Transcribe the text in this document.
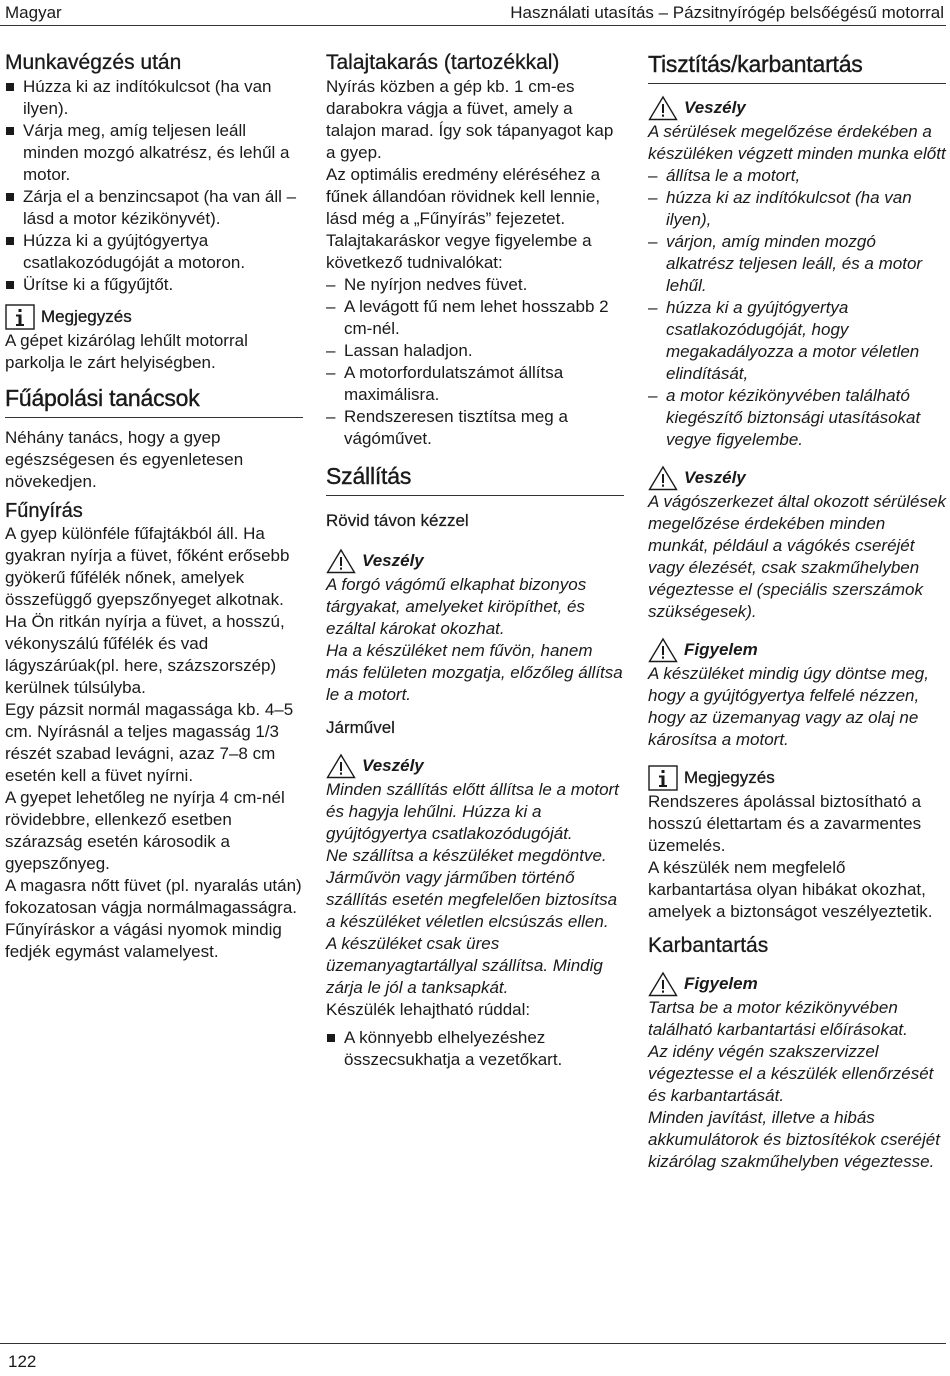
Magyar	Használati utasítás – Pázsitnyírógép belsőégésű motorral
Munkavégzés után
Húzza ki az indítókulcsot (ha van ilyen).
Várja meg, amíg teljesen leáll minden mozgó alkatrész, és lehűl a motor.
Zárja el a benzincsapot (ha van áll – lásd a motor kézikönyvét).
Húzza ki a gyújtógyertya csatlakozódugóját a motoron.
Ürítse ki a fűgyűjtőt.
Megjegyzés

A gépet kizárólag lehűlt motorral parkolja le zárt helyiségben.

Fűápolási tanácsok

Néhány tanács, hogy a gyep egészségesen és egyenletesen növekedjen.

Fűnyírás

A gyep különféle fűfajtákból áll. Ha gyakran nyírja a füvet, főként erősebb gyökerű fűfélék nőnek, amelyek összefüggő gyepszőnyeget alkotnak. Ha Ön ritkán nyírja a füvet, a hosszú, vékonyszálú fűfélék és vad lágyszárúak(pl. here, százszorszép) kerülnek túlsúlyba.

Egy pázsit normál magassága kb. 4–5 cm. Nyírásnál a teljes magasság 1/3 részét szabad levágni, azaz 7–8 cm esetén kell a füvet nyírni.

A gyepet lehetőleg ne nyírja 4 cm-nél rövidebbre, ellenkező esetben szárazság esetén károsodik a gyepszőnyeg.

A magasra nőtt füvet (pl. nyaralás után) fokozatosan vágja normálmagasságra.

Fűnyíráskor a vágási nyomok mindig fedjék egymást valamelyest.

Talajtakarás (tartozékkal)

Nyírás közben a gép kb. 1 cm-es darabokra vágja a füvet, amely a talajon marad. Így sok tápanyagot kap a gyep.

Az optimális eredmény eléréséhez a fűnek állandóan rövidnek kell lennie, lásd még a „Fűnyírás” fejezetet. Talajtakaráskor vegye figyelembe a következő tudnivalókat:

– Ne nyírjon nedves füvet.
– A levágott fű nem lehet hosszabb 2 cm-nél.
– Lassan haladjon.
– A motorfordulatszámot állítsa maximálisra.
– Rendszeresen tisztítsa meg a vágóművet.
Szállítás
Rövid távon kézzel
Veszély

A forgó vágómű elkaphat bizonyos tárgyakat, amelyeket kiröpíthet, és ezáltal károkat okozhat.

Ha a készüléket nem fűvön, hanem más felületen mozgatja, előzőleg állítsa le a motort.

Járművel
Veszély

Minden szállítás előtt állítsa le a motort és hagyja lehűlni. Húzza ki a gyújtógyertya csatlakozódugóját.

Ne szállítsa a készüléket megdöntve.

Járművön vagy járműben történő szállítás esetén megfelelően biztosítsa a készüléket véletlen elcsúszás ellen.

A készüléket csak üres üzemanyagtartállyal szállítsa. Mindig zárja le jól a tanksapkát.

Készülék lehajtható rúddal:

A könnyebb elhelyezéshez összecsukhatja a vezetőkart.
Tisztítás/karbantartás
Veszély

A sérülések megelőzése érdekében a készüléken végzett minden munka előtt

– állítsa le a motort,
– húzza ki az indítókulcsot (ha van ilyen),
– várjon, amíg minden mozgó alkatrész teljesen leáll, és a motor lehűl.
– húzza ki a gyújtógyertya csatlakozódugóját, hogy megakadályozza a motor véletlen elindítását,
– a motor kézikönyvében található kiegészítő biztonsági utasításokat vegye figyelembe.
Veszély

A vágószerkezet által okozott sérülések megelőzése érdekében minden munkát, például a vágókés cseréjét vagy élezését, csak szakműhelyben végeztesse el (speciális szerszámok szükségesek).

Figyelem

A készüléket mindig úgy döntse meg, hogy a gyújtógyertya felfelé nézzen, hogy az üzemanyag vagy az olaj ne károsítsa a motort.

Megjegyzés

Rendszeres ápolással biztosítható a hosszú élettartam és a zavarmentes üzemelés.

A készülék nem megfelelő karbantartása olyan hibákat okozhat, amelyek a biztonságot veszélyeztetik.

Karbantartás
Figyelem

Tartsa be a motor kézikönyvében található karbantartási előírásokat.

Az idény végén szakszervizzel végeztesse el a készülék ellenőrzését és karbantartását.

Minden javítást, illetve a hibás akkumulátorok és biztosítékok cseréjét kizárólag szakműhelyben végeztesse.

122
